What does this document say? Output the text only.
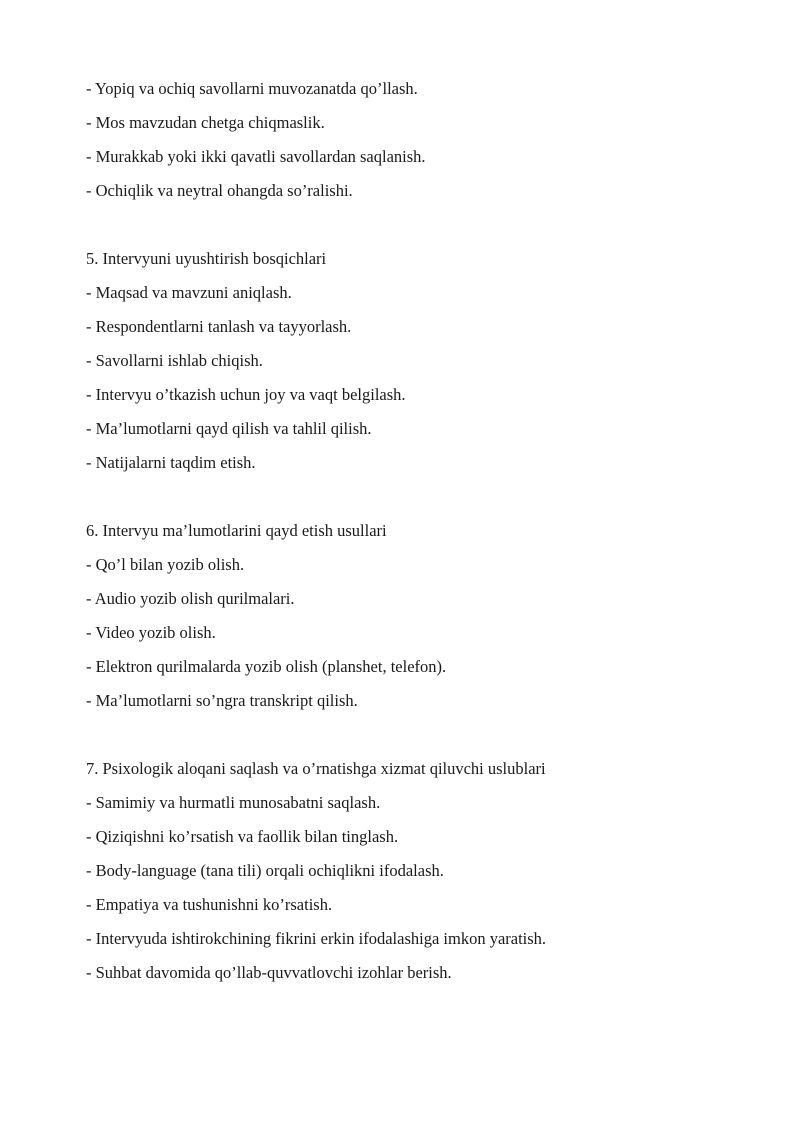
- Yopiq va ochiq savollarni muvozanatda qo’llash.
- Mos mavzudan chetga chiqmaslik.
- Murakkab yoki ikki qavatli savollardan saqlanish.
- Ochiqlik va neytral ohangda so’ralishi.
5. Intervyuni uyushtirish bosqichlari
- Maqsad va mavzuni aniqlash.
- Respondentlarni tanlash va tayyorlash.
- Savollarni ishlab chiqish.
- Intervyu o’tkazish uchun joy va vaqt belgilash.
- Ma’lumotlarni qayd qilish va tahlil qilish.
- Natijalarni taqdim etish.
6. Intervyu ma’lumotlarini qayd etish usullari
- Qo’l bilan yozib olish.
- Audio yozib olish qurilmalari.
- Video yozib olish.
- Elektron qurilmalarda yozib olish (planshet, telefon).
- Ma’lumotlarni so’ngra transkript qilish.
7. Psixologik aloqani saqlash va o’rnatishga xizmat qiluvchi uslublari
- Samimiy va hurmatli munosabatni saqlash.
- Qiziqishni ko’rsatish va faollik bilan tinglash.
- Body-language (tana tili) orqali ochiqlikni ifodalash.
- Empatiya va tushunishni ko’rsatish.
- Intervyuda ishtirokchining fikrini erkin ifodalashiga imkon yaratish.
- Suhbat davomida qo’llab-quvvatlovchi izohlar berish.
